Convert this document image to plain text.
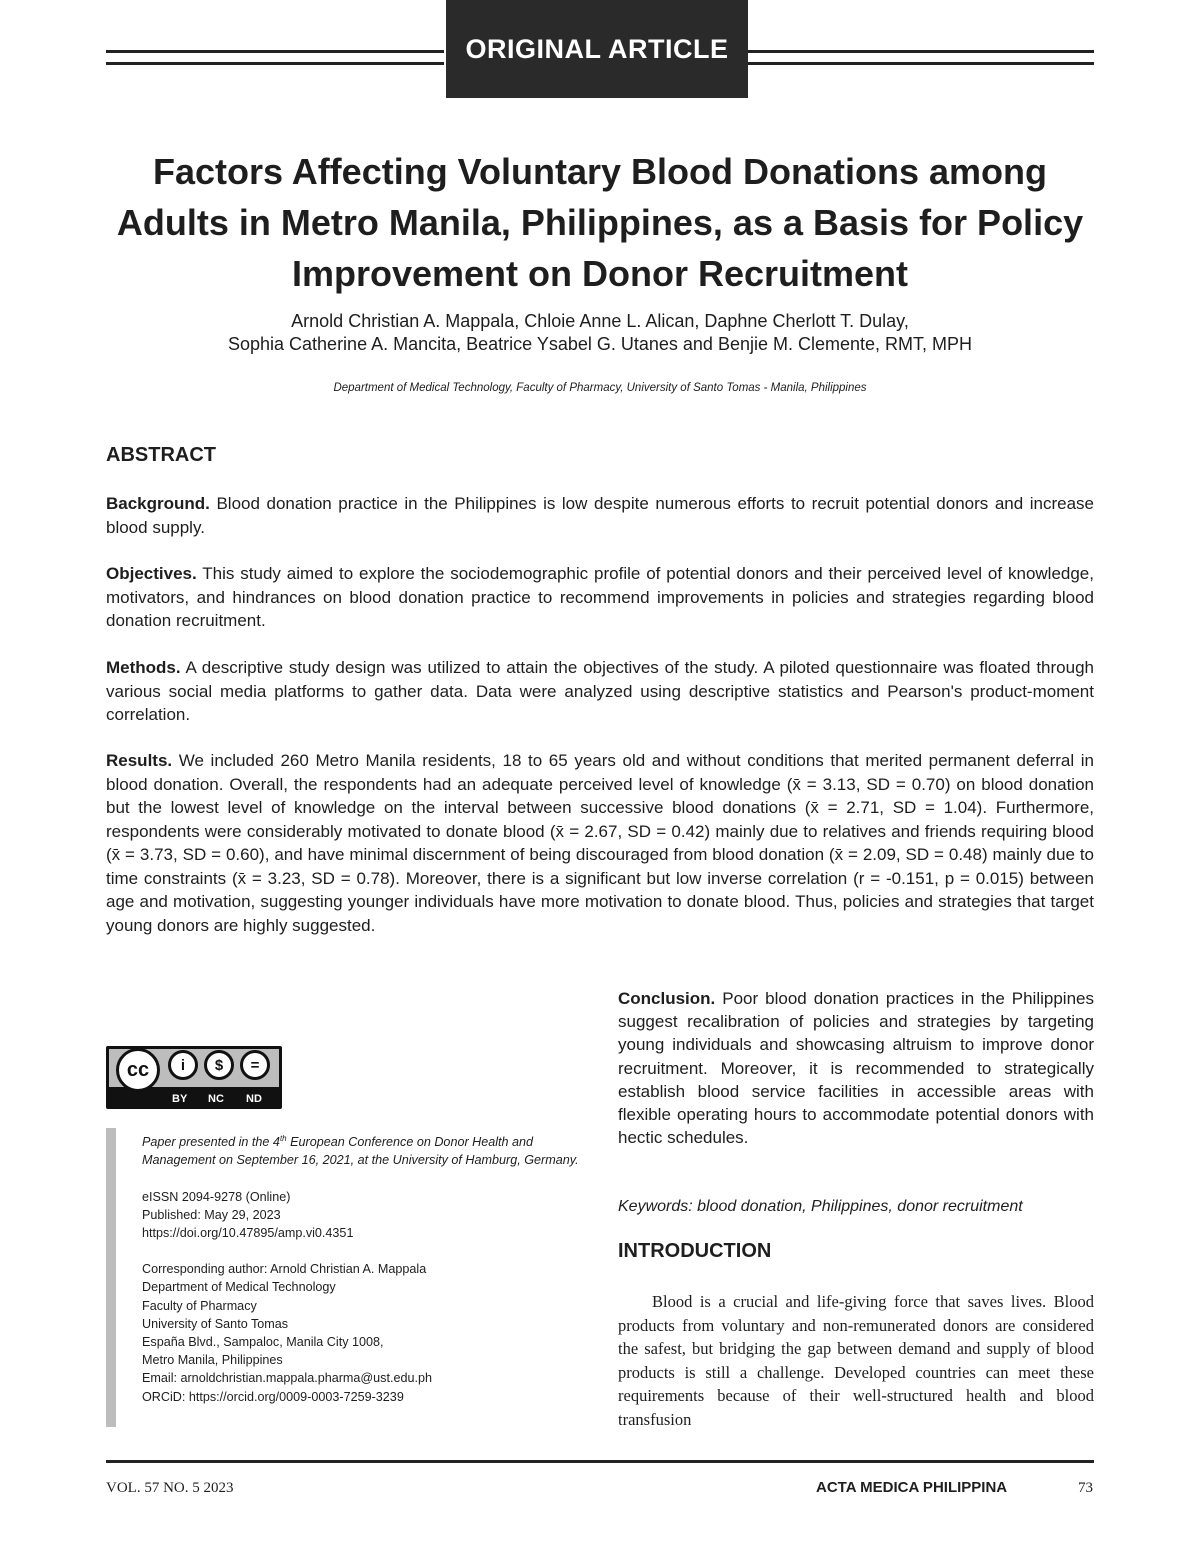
ORIGINAL ARTICLE
Factors Affecting Voluntary Blood Donations among Adults in Metro Manila, Philippines, as a Basis for Policy Improvement on Donor Recruitment
Arnold Christian A. Mappala, Chloie Anne L. Alican, Daphne Cherlott T. Dulay,
Sophia Catherine A. Mancita, Beatrice Ysabel G. Utanes and Benjie M. Clemente, RMT, MPH
Department of Medical Technology, Faculty of Pharmacy, University of Santo Tomas - Manila, Philippines
ABSTRACT
Background. Blood donation practice in the Philippines is low despite numerous efforts to recruit potential donors and increase blood supply.
Objectives. This study aimed to explore the sociodemographic profile of potential donors and their perceived level of knowledge, motivators, and hindrances on blood donation practice to recommend improvements in policies and strategies regarding blood donation recruitment.
Methods. A descriptive study design was utilized to attain the objectives of the study. A piloted questionnaire was floated through various social media platforms to gather data. Data were analyzed using descriptive statistics and Pearson's product-moment correlation.
Results. We included 260 Metro Manila residents, 18 to 65 years old and without conditions that merited permanent deferral in blood donation. Overall, the respondents had an adequate perceived level of knowledge (x̄ = 3.13, SD = 0.70) on blood donation but the lowest level of knowledge on the interval between successive blood donations (x̄ = 2.71, SD = 1.04). Furthermore, respondents were considerably motivated to donate blood (x̄ = 2.67, SD = 0.42) mainly due to relatives and friends requiring blood (x̄ = 3.73, SD = 0.60), and have minimal discernment of being discouraged from blood donation (x̄ = 2.09, SD = 0.48) mainly due to time constraints (x̄ = 3.23, SD = 0.78). Moreover, there is a significant but low inverse correlation (r = -0.151, p = 0.015) between age and motivation, suggesting younger individuals have more motivation to donate blood. Thus, policies and strategies that target young donors are highly suggested.
cc	i	$	=
BY NC ND

Paper presented in the 4th European Conference on Donor Health and Management on September 16, 2021, at the University of Hamburg, Germany.

eISSN 2094-9278 (Online)

Published: May 29, 2023

https://doi.org/10.47895/amp.vi0.4351

Corresponding author: Arnold Christian A. Mappala

Department of Medical Technology

Faculty of Pharmacy

University of Santo Tomas

España Blvd., Sampaloc, Manila City 1008,

Metro Manila, Philippines

Email: arnoldchristian.mappala.pharma@ust.edu.ph

ORCiD: https://orcid.org/0009-0003-7259-3239

Conclusion. Poor blood donation practices in the Philippines suggest recalibration of policies and strategies by targeting young individuals and showcasing altruism to improve donor recruitment. Moreover, it is recommended to strategically establish blood service facilities in accessible areas with flexible operating hours to accommodate potential donors with hectic schedules.
Keywords: blood donation, Philippines, donor recruitment
INTRODUCTION
Blood is a crucial and life-giving force that saves lives. Blood products from voluntary and non-remunerated donors are considered the safest, but bridging the gap between demand and supply of blood products is still a challenge. Developed countries can meet these requirements because of their well-structured health and blood transfusion
VOL. 57 NO. 5 2023	ACTA MEDICA PHILIPPINA	73
